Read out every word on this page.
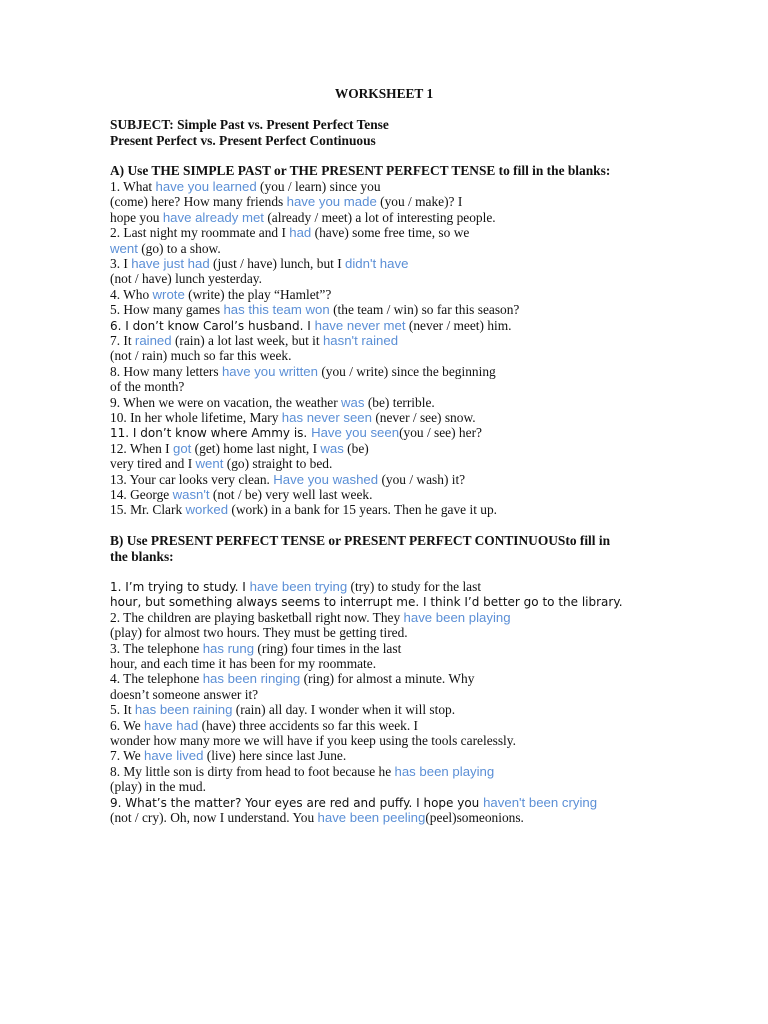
WORKSHEET 1
SUBJECT: Simple Past vs. Present Perfect Tense
Present Perfect vs. Present Perfect Continuous
A) Use THE SIMPLE PAST or THE PRESENT PERFECT TENSE to fill in the blanks:
1. What have you learned (you / learn) since you
(come) here? How many friends have you made (you / make)? I
hope you have already met (already / meet) a lot of interesting people.
2. Last night my roommate and I had (have) some free time, so we
went (go) to a show.
3. I have just had (just / have) lunch, but I didn't have
(not / have) lunch yesterday.
4. Who wrote (write) the play “Hamlet”?
5. How many games has this team won (the team / win) so far this season?
6. I don’t know Carol’s husband. I have never met (never / meet) him.
7. It rained (rain) a lot last week, but it hasn't rained
(not / rain) much so far this week.
8. How many letters have you written (you / write) since the beginning
of the month?
9. When we were on vacation, the weather was (be) terrible.
10. In her whole lifetime, Mary has never seen (never / see) snow.
11. I don’t know where Ammy is. Have you seen(you / see) her?
12. When I got (get) home last night, I was (be)
very tired and I went (go) straight to bed.
13. Your car looks very clean. Have you washed (you / wash) it?
14. George wasn't (not / be) very well last week.
15. Mr. Clark worked (work) in a bank for 15 years. Then he gave it up.
B) Use PRESENT PERFECT TENSE or PRESENT PERFECT CONTINUOUSto fill in
the blanks:
1. I’m trying to study. I have been trying (try) to study for the last
hour, but something always seems to interrupt me. I think I’d better go to the library.
2. The children are playing basketball right now. They have been playing
(play) for almost two hours. They must be getting tired.
3. The telephone has rung (ring) four times in the last
hour, and each time it has been for my roommate.
4. The telephone has been ringing (ring) for almost a minute. Why
doesn’t someone answer it?
5. It has been raining (rain) all day. I wonder when it will stop.
6. We have had (have) three accidents so far this week. I
wonder how many more we will have if you keep using the tools carelessly.
7. We have lived (live) here since last June.
8. My little son is dirty from head to foot because he has been playing
(play) in the mud.
9. What’s the matter? Your eyes are red and puffy. I hope you haven't been crying
(not / cry). Oh, now I understand. You have been peeling(peel)someonions.
